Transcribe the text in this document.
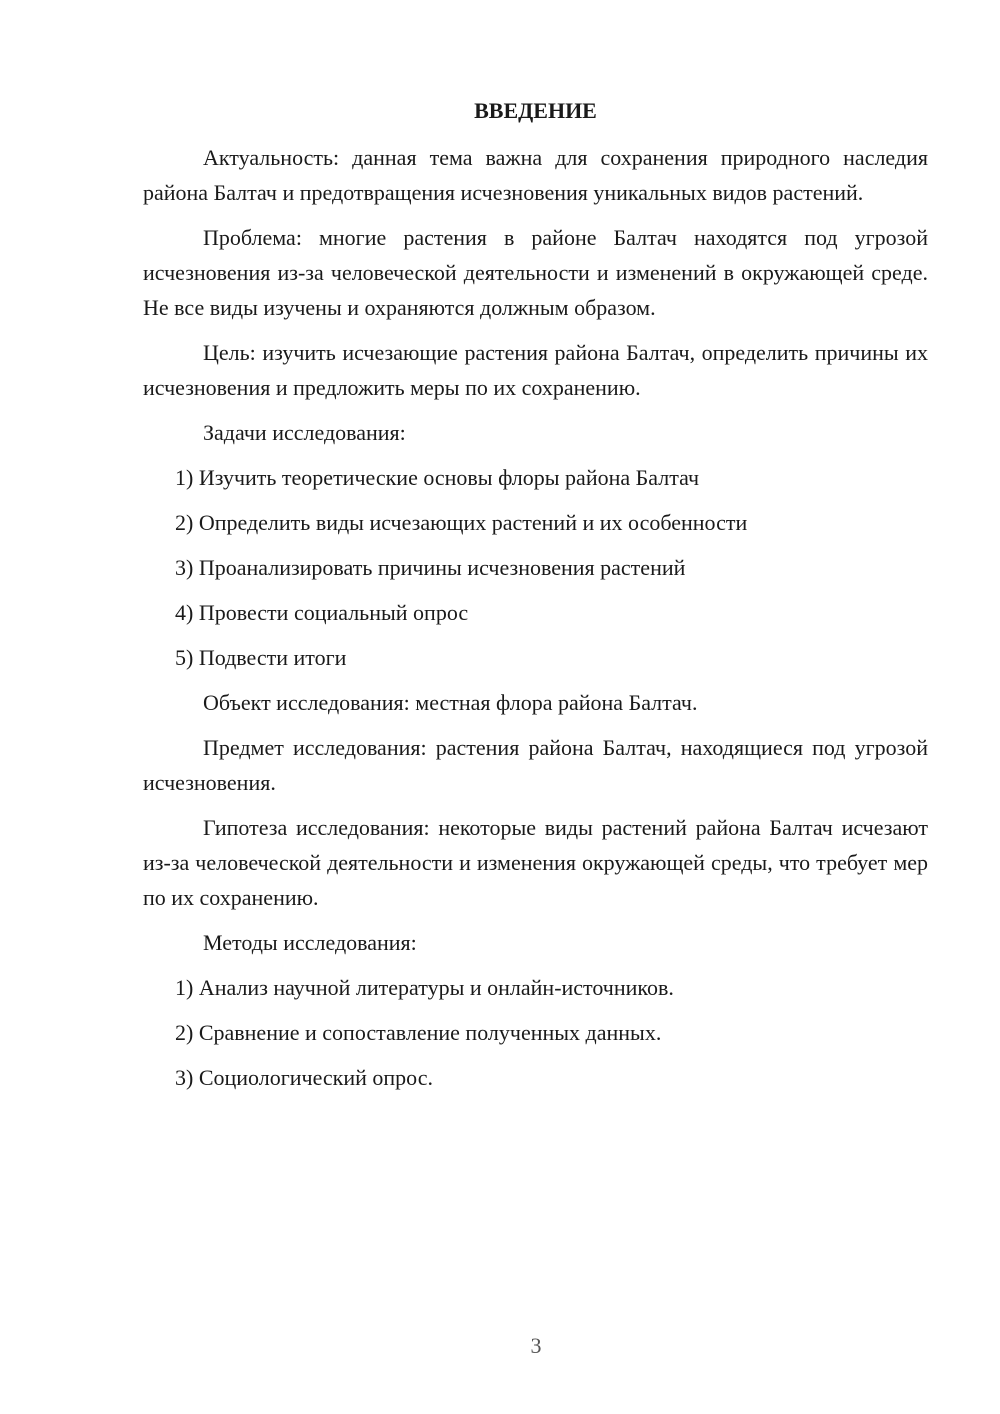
ВВЕДЕНИЕ

Актуальность: данная тема важна для сохранения природного наследия района Балтач и предотвращения исчезновения уникальных видов растений.

Проблема: многие растения в районе Балтач находятся под угрозой исчезновения из-за человеческой деятельности и изменений в окружающей среде. Не все виды изучены и охраняются должным образом.

Цель: изучить исчезающие растения района Балтач, определить причины их исчезновения и предложить меры по их сохранению.

Задачи исследования:

1) Изучить теоретические основы флоры района Балтач
2) Определить виды исчезающих растений и их особенности
3) Проанализировать причины исчезновения растений
4) Провести социальный опрос
5) Подвести итоги

Объект исследования: местная флора района Балтач.

Предмет исследования: растения района Балтач, находящиеся под угрозой исчезновения.

Гипотеза исследования: некоторые виды растений района Балтач исчезают из-за человеческой деятельности и изменения окружающей среды, что требует мер по их сохранению.

Методы исследования:

1) Анализ научной литературы и онлайн-источников.
2) Сравнение и сопоставление полученных данных.
3) Социологический опрос.
3
